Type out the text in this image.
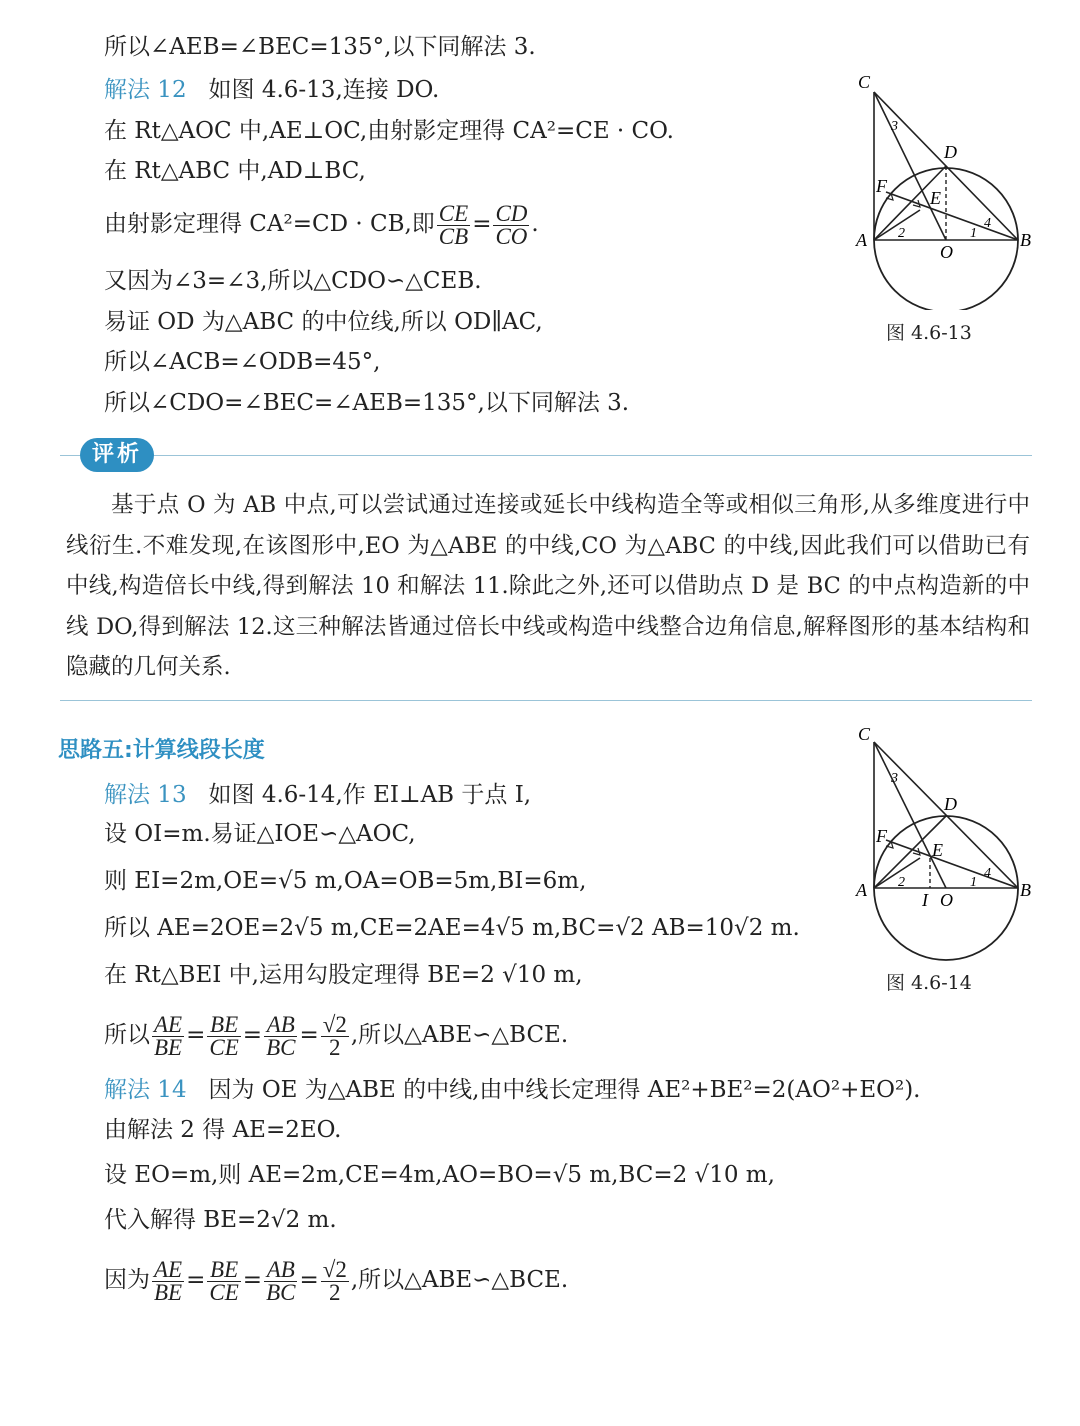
所以∠AEB=∠BEC=135°,以下同解法 3.
解法 12 如图 4.6-13,连接 DO.
在 Rt△AOC 中,AE⊥OC,由射影定理得 CA²=CE · CO.
在 Rt△ABC 中,AD⊥BC,
由射影定理得 CA²=CD · CB,即 $\frac{CE}{CB} = \frac{CD}{CO}$ .
又因为∠3=∠3,所以△CDO∽△CEB.
易证 OD 为△ABC 的中位线,所以 OD∥AC,
所以∠ACB=∠ODB=45°,
所以∠CDO=∠BEC=∠AEB=135°,以下同解法 3.
C
D
F
E
A
O
B
3
4
2	1
图 4.6-13
评析

基于点 O 为 AB 中点,可以尝试通过连接或延长中线构造全等或相似三角形,从多维度进行中线衍生.不难发现,在该图形中,EO 为△ABE 的中线,CO 为△ABC 的中线,因此我们可以借助已有中线,构造倍长中线,得到解法 10 和解法 11.除此之外,还可以借助点 D 是 BC 的中点构造新的中线 DO,得到解法 12.这三种解法皆通过倍长中线或构造中线整合边角信息,解释图形的基本结构和隐藏的几何关系.

思路五:计算线段长度
解法 13 如图 4.6-14,作 EI⊥AB 于点 I,
设 OI=m.易证△IOE∽△AOC,
则 EI=2m,OE=√5 m,OA=OB=5m,BI=6m,
所以 AE=2OE=2√5 m,CE=2AE=4√5 m,BC=√2 AB=10√2 m.
在 Rt△BEI 中,运用勾股定理得 BE=2 √10 m,
所以 $\frac{AE}{BE} = \frac{BE}{CE} = \frac{AB}{BC} = \frac{√2}{2}$ ,所以△ABE∽△BCE.
C
D
F
E
A	I O	B
3
4
2	1
图 4.6-14
解法 14 因为 OE 为△ABE 的中线,由中线长定理得 AE²+BE²=2(AO²+EO²).
由解法 2 得 AE=2EO.
设 EO=m,则 AE=2m,CE=4m,AO=BO=√5 m,BC=2 √10 m,
代入解得 BE=2√2 m.
因为 $\frac{AE}{BE} = \frac{BE}{CE} = \frac{AB}{BC} = \frac{√2}{2}$ ,所以△ABE∽△BCE.
